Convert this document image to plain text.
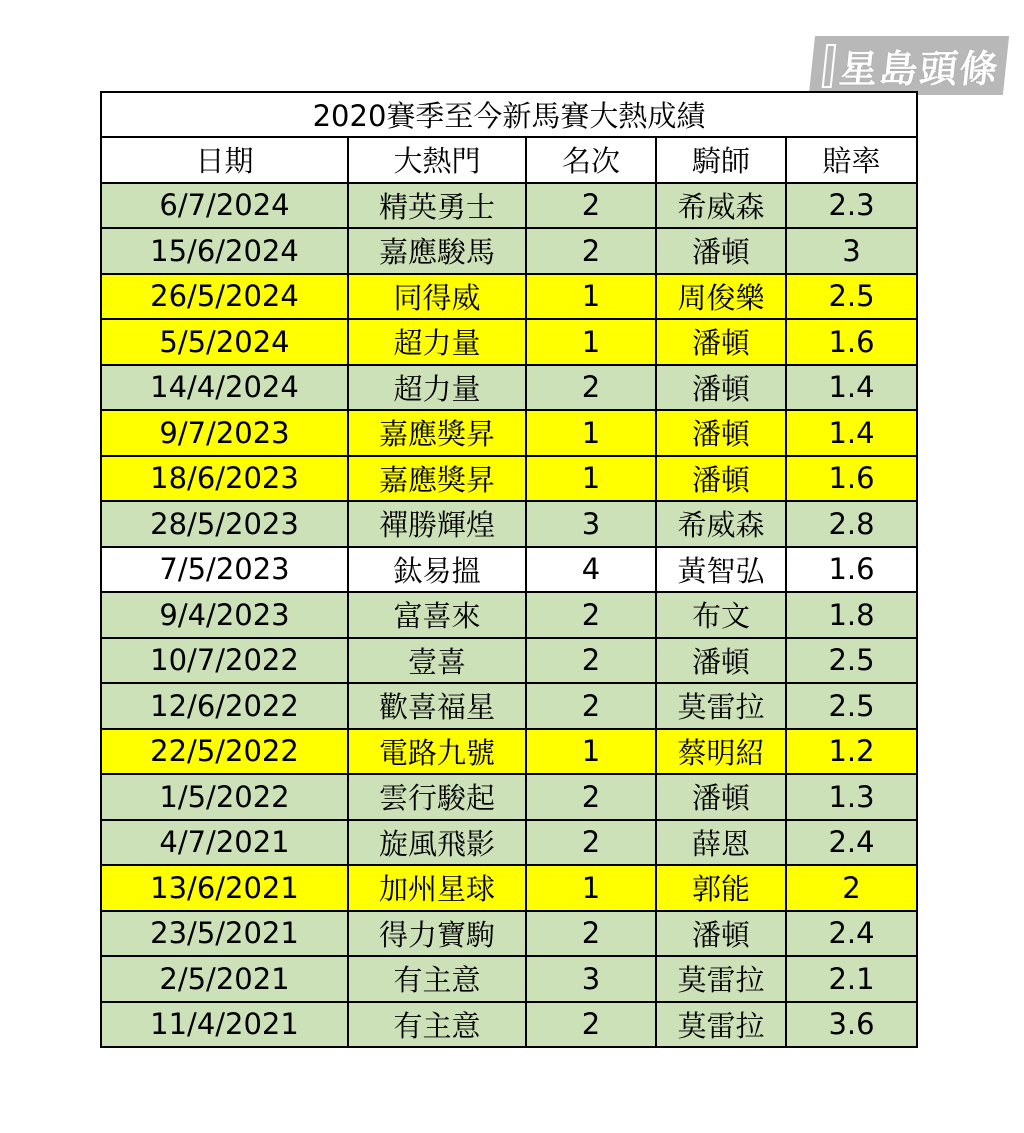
星島頭條
2020賽季至今新馬賽大熱成績				
日期	大熱門	名次	騎師	賠率
6/7/2024	精英勇士	2	希威森	2.3
15/6/2024	嘉應駿馬	2	潘頓	3
26/5/2024	同得威	1	周俊樂	2.5
5/5/2024	超力量	1	潘頓	1.6
14/4/2024	超力量	2	潘頓	1.4
9/7/2023	嘉應獎昇	1	潘頓	1.4
18/6/2023	嘉應獎昇	1	潘頓	1.6
28/5/2023	禪勝輝煌	3	希威森	2.8
7/5/2023	鈦易搵	4	黃智弘	1.6
9/4/2023	富喜來	2	布文	1.8
10/7/2022	壹喜	2	潘頓	2.5
12/6/2022	歡喜福星	2	莫雷拉	2.5
22/5/2022	電路九號	1	蔡明紹	1.2
1/5/2022	雲行駿起	2	潘頓	1.3
4/7/2021	旋風飛影	2	薛恩	2.4
13/6/2021	加州星球	1	郭能	2
23/5/2021	得力寶駒	2	潘頓	2.4
2/5/2021	有主意	3	莫雷拉	2.1
11/4/2021	有主意	2	莫雷拉	3.6
